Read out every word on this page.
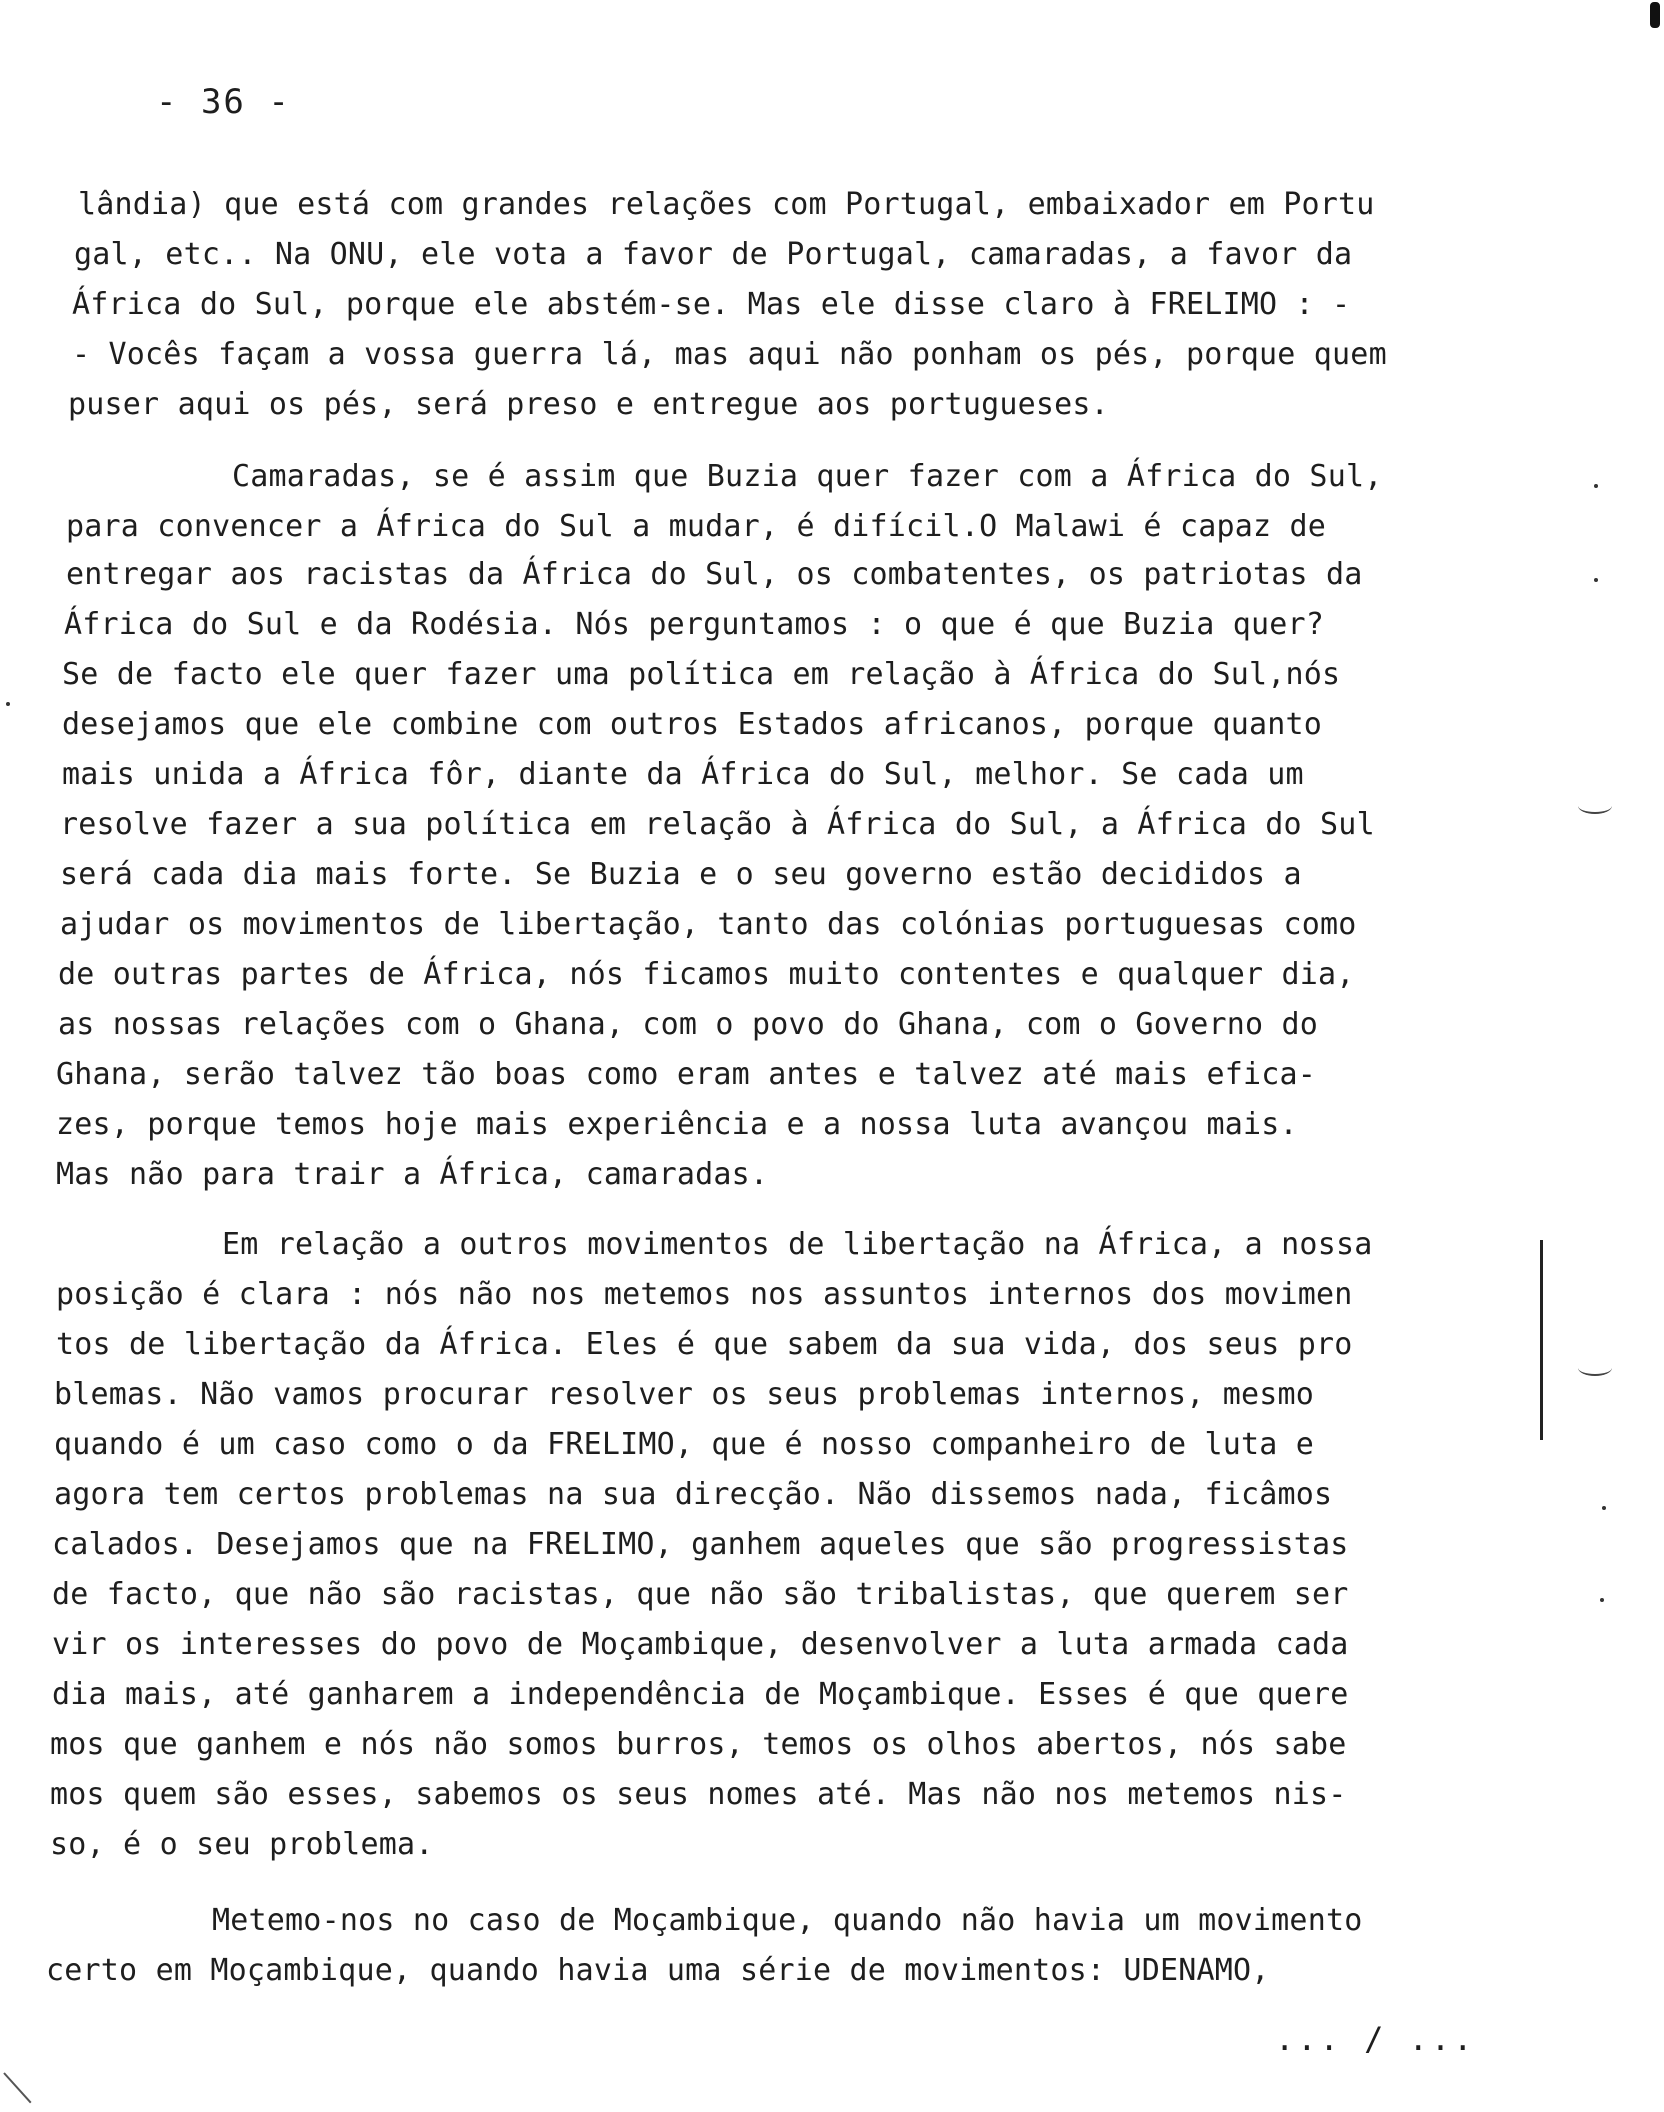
- 36 -
lândia) que está com grandes relações com Portugal, embaixador em Portu
gal, etc.. Na ONU, ele vota a favor de Portugal, camaradas, a favor da
África do Sul, porque ele abstém-se. Mas ele disse claro à FRELIMO : -
- Vocês façam a vossa guerra lá, mas aqui não ponham os pés, porque quem
puser aqui os pés, será preso e entregue aos portugueses.
Camaradas, se é assim que Buzia quer fazer com a África do Sul,
para convencer a África do Sul a mudar, é difícil.O Malawi é capaz de
entregar aos racistas da África do Sul, os combatentes, os patriotas da
África do Sul e da Rodésia. Nós perguntamos : o que é que Buzia quer?
Se de facto ele quer fazer uma política em relação à África do Sul,nós
desejamos que ele combine com outros Estados africanos, porque quanto
mais unida a África fôr, diante da África do Sul, melhor. Se cada um
resolve fazer a sua política em relação à África do Sul, a África do Sul
será cada dia mais forte. Se Buzia e o seu governo estão decididos a
ajudar os movimentos de libertação, tanto das colónias portuguesas como
de outras partes de África, nós ficamos muito contentes e qualquer dia,
as nossas relações com o Ghana, com o povo do Ghana, com o Governo do
Ghana, serão talvez tão boas como eram antes e talvez até mais efica-
zes, porque temos hoje mais experiência e a nossa luta avançou mais.
Mas não para trair a África, camaradas.
Em relação a outros movimentos de libertação na África, a nossa
posição é clara : nós não nos metemos nos assuntos internos dos movimen
tos de libertação da África. Eles é que sabem da sua vida, dos seus pro
blemas. Não vamos procurar resolver os seus problemas internos, mesmo
quando é um caso como o da FRELIMO, que é nosso companheiro de luta e
agora tem certos problemas na sua direcção. Não dissemos nada, ficâmos
calados. Desejamos que na FRELIMO, ganhem aqueles que são progressistas
de facto, que não são racistas, que não são tribalistas, que querem ser
vir os interesses do povo de Moçambique, desenvolver a luta armada cada
dia mais, até ganharem a independência de Moçambique. Esses é que quere
mos que ganhem e nós não somos burros, temos os olhos abertos, nós sabe
mos quem são esses, sabemos os seus nomes até. Mas não nos metemos nis-
so, é o seu problema.
Metemo-nos no caso de Moçambique, quando não havia um movimento
certo em Moçambique, quando havia uma série de movimentos: UDENAMO,
... / ...
